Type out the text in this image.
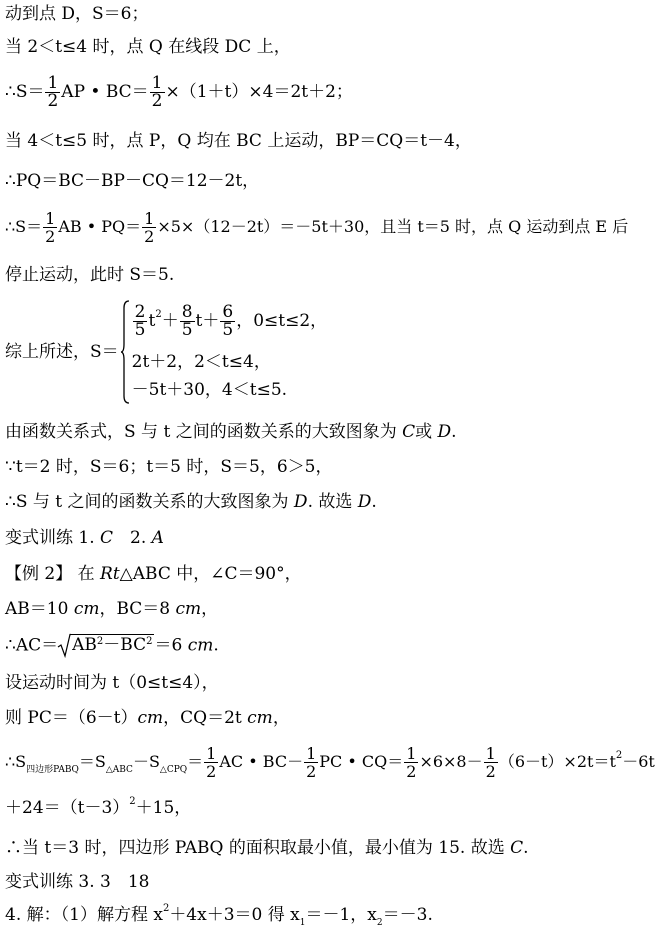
动到点 D，S＝6；
当 2＜t≤4 时，点 Q 在线段 DC 上，
∴S＝ $\frac{1}{2}$ AP • $BC= \frac{1}{2} \times(1+t)\times 4=2t+2$；
当 4＜t≤5 时，点 P，Q 均在 BC 上运动，BP＝CQ＝t－4，
∴PQ＝BC－BP－CQ＝12－2t，
∴S＝ $\frac{1}{2}$ AB • $PQ= \frac{1}{2} \times 5\times(12-2t)=-5t+30$，且当 t＝5 时，点 Q 运动到点 E 后
停止运动，此时 S＝5.
综上所述，S＝
$\frac{2}{5} t^2+ \frac{8}{5} t+ \frac{6}{5}$ ，0≤t≤2，
2t＋2，2＜t≤4，
－5t＋30，4＜t≤5.
由函数关系式，S 与 t 之间的函数关系的大致图象为 C或 D.
∵t＝2 时，S＝6；t＝5 时，S＝5，6＞5，
∴S 与 t 之间的函数关系的大致图象为 D. 故选 D.
变式训练 1. C　2. A
【例 2】 在 Rt△ABC 中，∠C＝90°，
AB＝10 cm，BC＝8 cm，
∴AC＝ $AB^2-BC^2 =6$ cm.
设运动时间为 t（0≤t≤4），
则 PC＝（6－t）cm，CQ＝2t cm，
$\therefore S_{四边形PABQ}=S_{\triangle ABC}-S_{\triangle CPQ}= \frac{1}{2}$ AC • $BC- \frac{1}{2}$ PC • $CQ= \frac{1}{2} \times 6\times 8- \frac{1}{2} (6-t)\times 2t=t^2-6t$
$+24=(t-3)^2+15$，
∴当 t＝3 时，四边形 PABQ 的面积取最小值，最小值为 15. 故选 C.
变式训练 3. 3　18
4. 解：（1）解方程 $x^2+4x+3=0$ 得 $x_1=-1$，$x_2=-3$.
